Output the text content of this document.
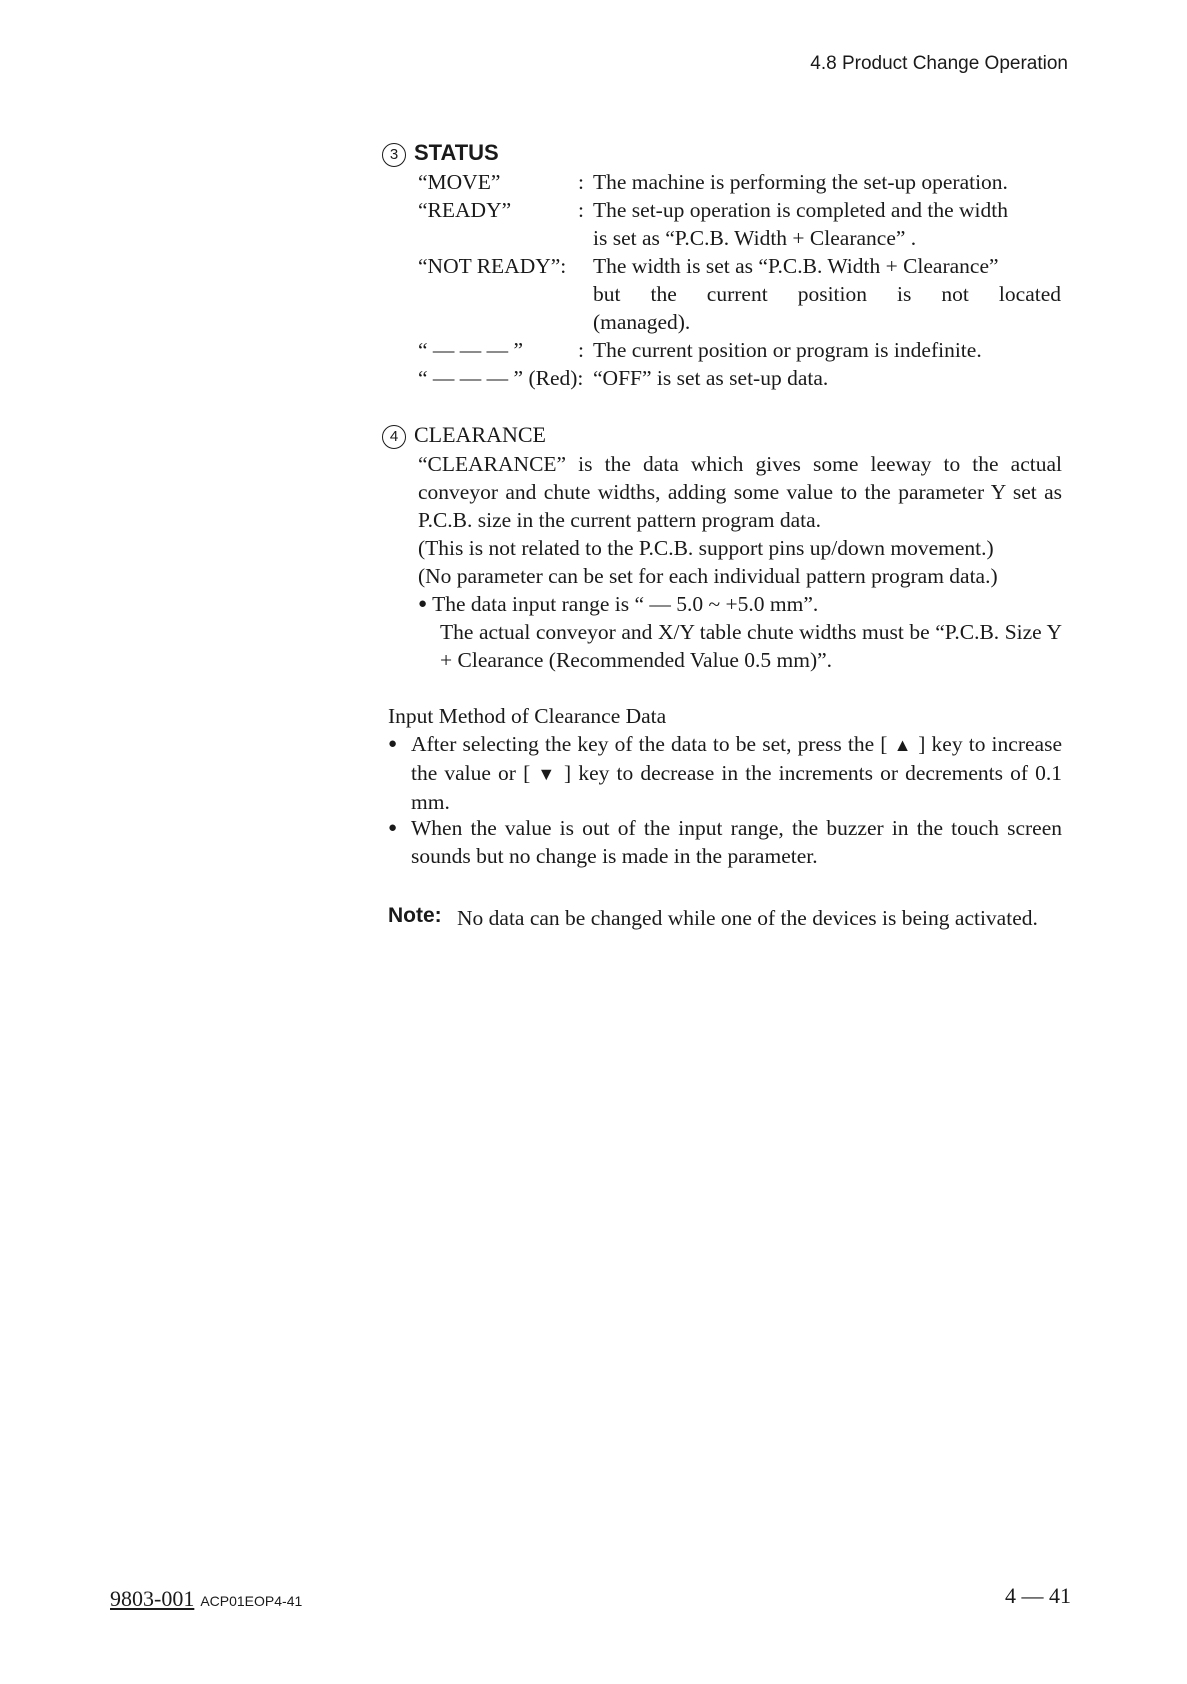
4.8 Product Change Operation
3 STATUS
“MOVE”	: The machine is performing the set-up operation.
“READY”	: The set-up operation is completed and the width
is set as “P.C.B. Width + Clearance” .
“NOT READY”: The width is set as “P.C.B. Width + Clearance”
but the current position is not located
(managed).
“ — — — ”	: The current position or program is indefinite.
“ — — — ” (Red): “OFF” is set as set-up data.
4 CLEARANCE
“CLEARANCE” is the data which gives some leeway to the actual conveyor and chute widths, adding some value to the parameter Y set as P.C.B. size in the current pattern program data.
(This is not related to the P.C.B. support pins up/down movement.)
(No parameter can be set for each individual pattern program data.)
● The data input range is “ — 5.0 ~ +5.0 mm”.
The actual conveyor and X/Y table chute widths must be “P.C.B. Size Y + Clearance (Recommended Value 0.5 mm)”.
Input Method of Clearance Data
● After selecting the key of the data to be set, press the [ ▲ ] key to increase the value or [ ▼ ] key to decrease in the increments or decrements of 0.1 mm.
● When the value is out of the input range, the buzzer in the touch screen sounds but no change is made in the parameter.
Note: No data can be changed while one of the devices is being activated.
9803-001 ACP01EOP4-41	4 — 41
